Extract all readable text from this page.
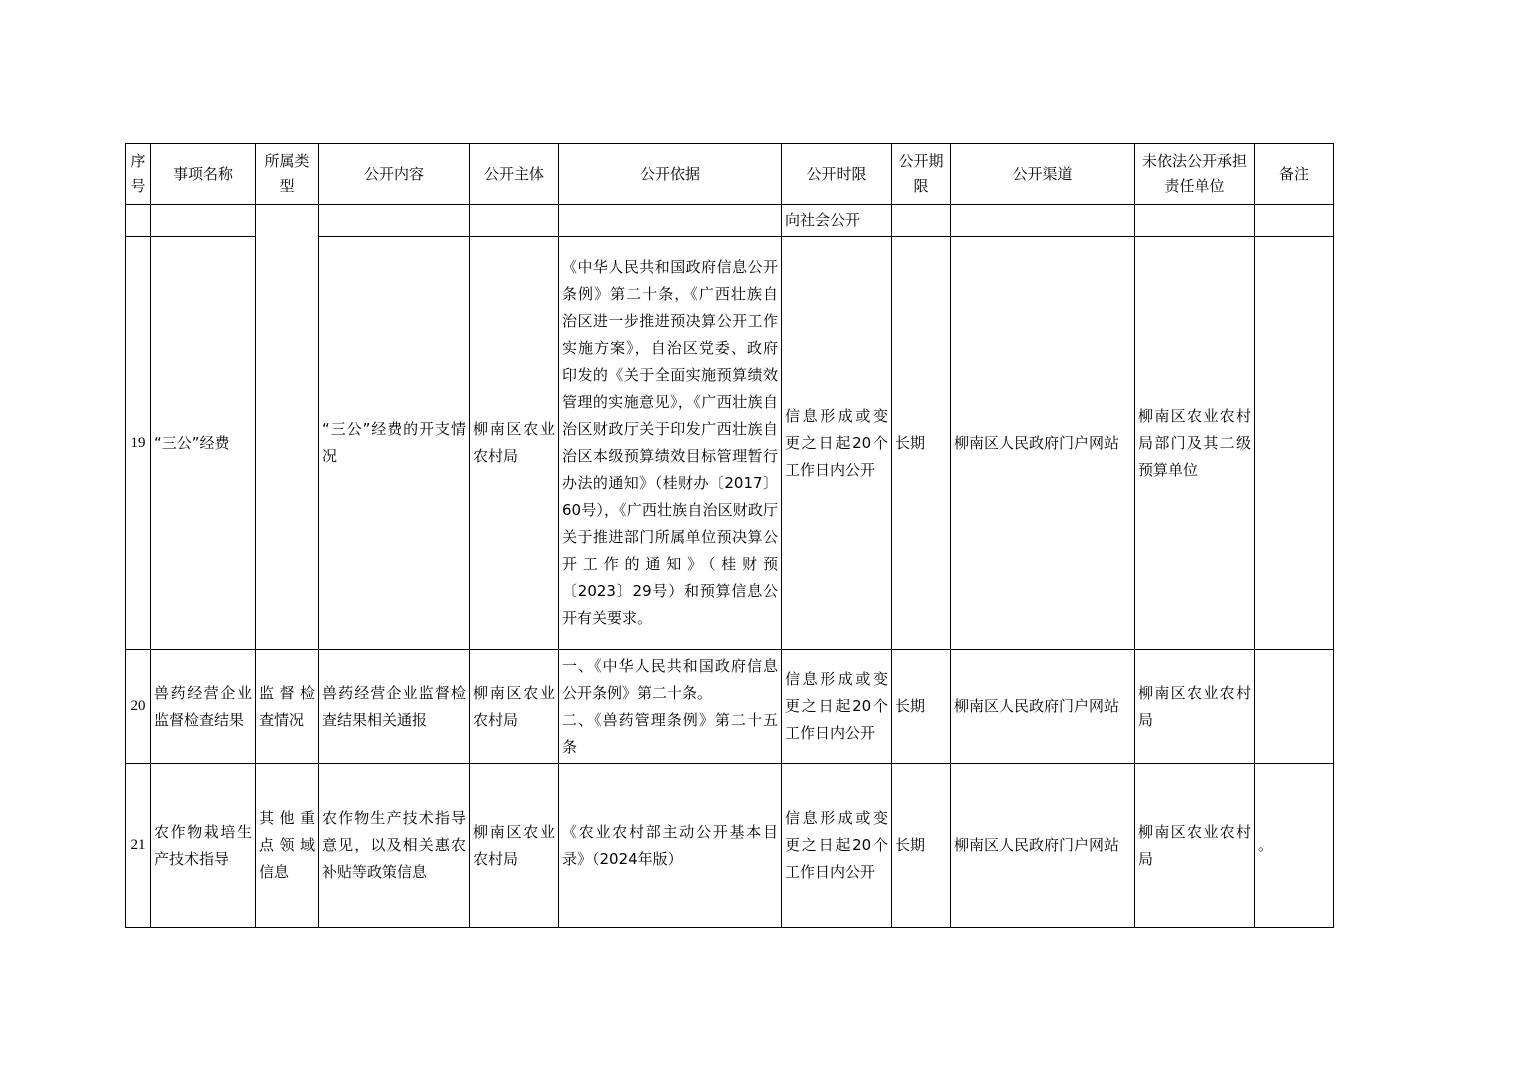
序号	事项名称	所属类型	公开内容	公开主体	公开依据	公开时限	公开期限	公开渠道	未依法公开承担责任单位	备注
						向社会公开				
19	“三公”经费		“三公”经费的开支情况	柳南区农业农村局	《中华人民共和国政府信息公开条例》第二十条，《广西壮族自治区进一步推进预决算公开工作实施方案》，自治区党委、政府印发的《关于全面实施预算绩效管理的实施意见》，《广西壮族自治区财政厅关于印发广西壮族自治区本级预算绩效目标管理暂行办法的通知》（桂财办〔2017〕60号），《广西壮族自治区财政厅关于推进部门所属单位预决算公开工作的通知》（桂财预〔2023〕29号）和预算信息公开有关要求。	信息形成或变更之日起20个工作日内公开	长期	柳南区人民政府门户网站	柳南区农业农村局部门及其二级预算单位	
20	兽药经营企业监督检查结果	监督检查情况	兽药经营企业监督检查结果相关通报	柳南区农业农村局	一、《中华人民共和国政府信息公开条例》第二十条。
二、《兽药管理条例》第二十五条	信息形成或变更之日起20个工作日内公开	长期	柳南区人民政府门户网站	柳南区农业农村局	
21	农作物栽培生产技术指导	其他重点领域信息	农作物生产技术指导意见，以及相关惠农补贴等政策信息	柳南区农业农村局	《农业农村部主动公开基本目录》（2024年版）	信息形成或变更之日起20个工作日内公开	长期	柳南区人民政府门户网站	柳南区农业农村局	。
